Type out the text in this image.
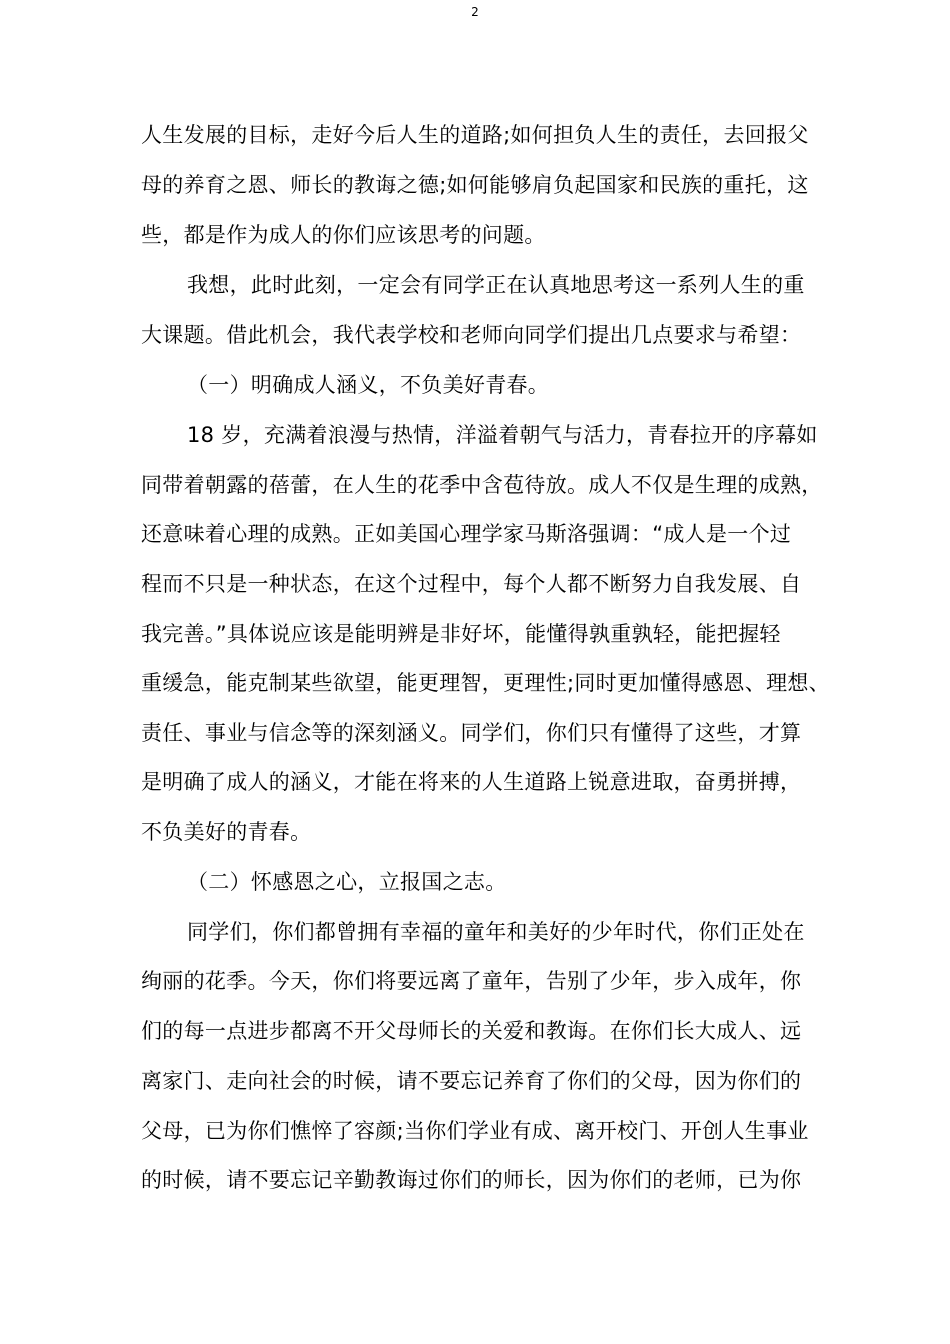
2
人生发展的目标，走好今后人生的道路;如何担负人生的责任，去回报父
母的养育之恩、师长的教诲之德;如何能够肩负起国家和民族的重托，这
些，都是作为成人的你们应该思考的问题。
我想，此时此刻，一定会有同学正在认真地思考这一系列人生的重
大课题。借此机会，我代表学校和老师向同学们提出几点要求与希望：
（一）明确成人涵义，不负美好青春。
18 岁，充满着浪漫与热情，洋溢着朝气与活力，青春拉开的序幕如
同带着朝露的蓓蕾，在人生的花季中含苞待放。成人不仅是生理的成熟，
还意味着心理的成熟。正如美国心理学家马斯洛强调：“成人是一个过
程而不只是一种状态，在这个过程中，每个人都不断努力自我发展、自
我完善。”具体说应该是能明辨是非好坏，能懂得孰重孰轻，能把握轻
重缓急，能克制某些欲望，能更理智，更理性;同时更加懂得感恩、理想、
责任、事业与信念等的深刻涵义。同学们，你们只有懂得了这些，才算
是明确了成人的涵义，才能在将来的人生道路上锐意进取，奋勇拼搏，
不负美好的青春。
（二）怀感恩之心，立报国之志。
同学们，你们都曾拥有幸福的童年和美好的少年时代，你们正处在
绚丽的花季。今天，你们将要远离了童年，告别了少年，步入成年，你
们的每一点进步都离不开父母师长的关爱和教诲。在你们长大成人、远
离家门、走向社会的时候，请不要忘记养育了你们的父母，因为你们的
父母，已为你们憔悴了容颜;当你们学业有成、离开校门、开创人生事业
的时候，请不要忘记辛勤教诲过你们的师长，因为你们的老师，已为你
